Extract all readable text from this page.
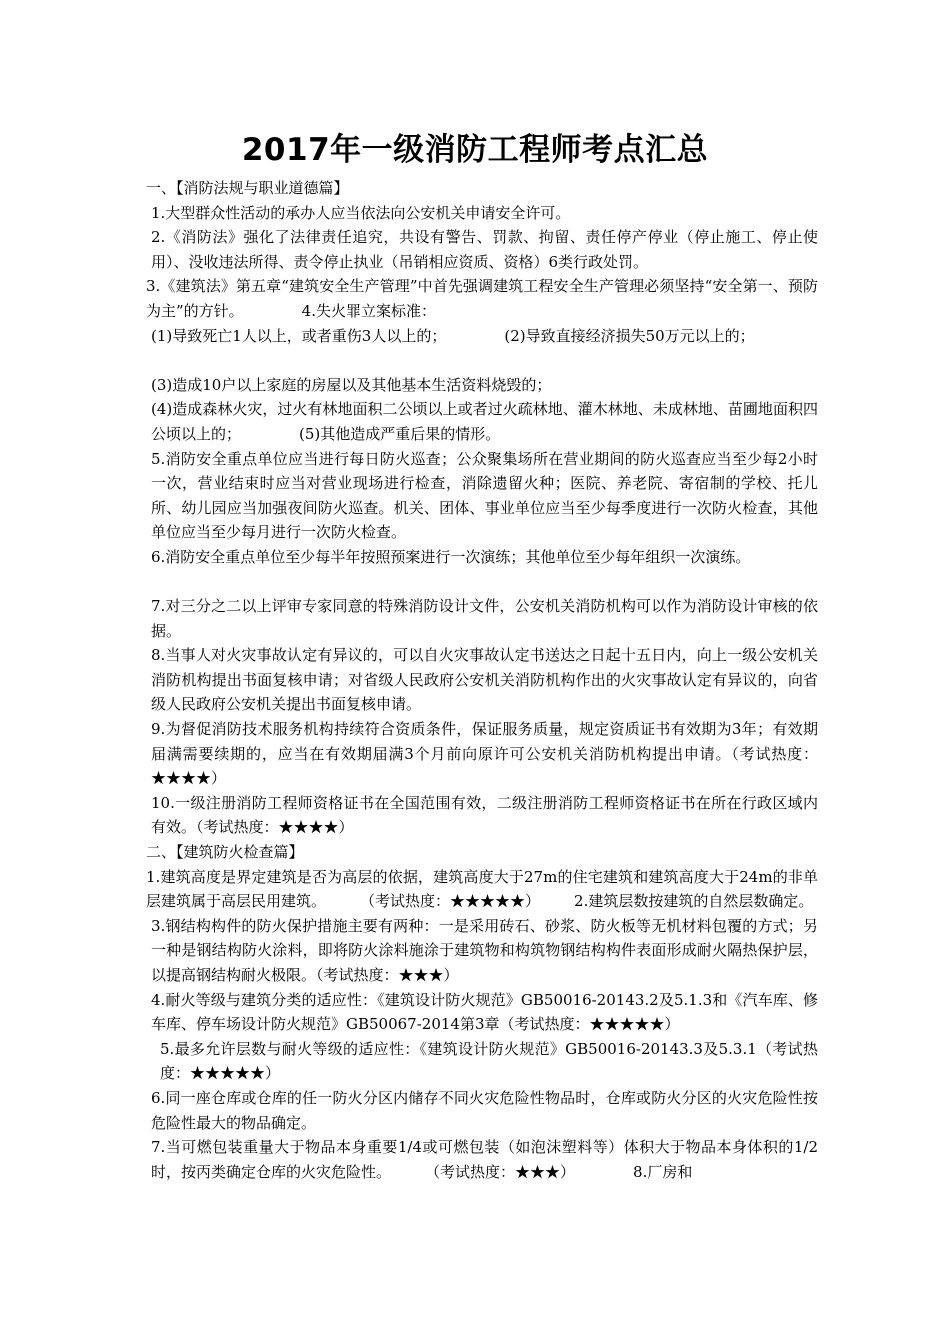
2017年一级消防工程师考点汇总

一、【消防法规与职业道德篇】

1.大型群众性活动的承办人应当依法向公安机关申请安全许可。

2.《消防法》强化了法律责任追究，共设有警告、罚款、拘留、责任停产停业（停止施工、停止使用）、没收违法所得、责令停止执业（吊销相应资质、资格）6类行政处罚。

3.《建筑法》第五章“建筑安全生产管理”中首先强调建筑工程安全生产管理必须坚持“安全第一、预防为主”的方针。	4.失火罪立案标准：

(1)导致死亡1人以上，或者重伤3人以上的；	(2)导致直接经济损失50万元以上的；

(3)造成10户以上家庭的房屋以及其他基本生活资料烧毁的；

(4)造成森林火灾，过火有林地面积二公顷以上或者过火疏林地、灌木林地、未成林地、苗圃地面积四公顷以上的；	(5)其他造成严重后果的情形。

5.消防安全重点单位应当进行每日防火巡查；公众聚集场所在营业期间的防火巡查应当至少每2小时一次，营业结束时应当对营业现场进行检查，消除遗留火种；医院、养老院、寄宿制的学校、托儿所、幼儿园应当加强夜间防火巡查。机关、团体、事业单位应当至少每季度进行一次防火检查，其他单位应当至少每月进行一次防火检查。

6.消防安全重点单位至少每半年按照预案进行一次演练；其他单位至少每年组织一次演练。

7.对三分之二以上评审专家同意的特殊消防设计文件，公安机关消防机构可以作为消防设计审核的依据。

8.当事人对火灾事故认定有异议的，可以自火灾事故认定书送达之日起十五日内，向上一级公安机关消防机构提出书面复核申请；对省级人民政府公安机关消防机构作出的火灾事故认定有异议的，向省级人民政府公安机关提出书面复核申请。

9.为督促消防技术服务机构持续符合资质条件，保证服务质量，规定资质证书有效期为3年；有效期届满需要续期的，应当在有效期届满3个月前向原许可公安机关消防机构提出申请。（考试热度：★★★★）

10.一级注册消防工程师资格证书在全国范围有效，二级注册消防工程师资格证书在所在行政区域内有效。（考试热度：★★★★）

二、【建筑防火检查篇】

1.建筑高度是界定建筑是否为高层的依据，建筑高度大于27m的住宅建筑和建筑高度大于24m的非单层建筑属于高层民用建筑。 （考试热度：★★★★★） 2.建筑层数按建筑的自然层数确定。

3.钢结构构件的防火保护措施主要有两种：一是采用砖石、砂浆、防火板等无机材料包覆的方式；另一种是钢结构防火涂料，即将防火涂料施涂于建筑物和构筑物钢结构构件表面形成耐火隔热保护层，以提高钢结构耐火极限。（考试热度：★★★）

4.耐火等级与建筑分类的适应性：《建筑设计防火规范》GB50016-20143.2及5.1.3和《汽车库、修车库、停车场设计防火规范》GB50067-2014第3章（考试热度：★★★★★）

5.最多允许层数与耐火等级的适应性：《建筑设计防火规范》GB50016-20143.3及5.3.1（考试热度：★★★★★）

6.同一座仓库或仓库的任一防火分区内储存不同火灾危险性物品时，仓库或防火分区的火灾危险性按危险性最大的物品确定。

7.当可燃包装重量大于物品本身重要1/4或可燃包装（如泡沫塑料等）体积大于物品本身体积的1/2时，按丙类确定仓库的火灾危险性。 （考试热度：★★★）	8.厂房和
